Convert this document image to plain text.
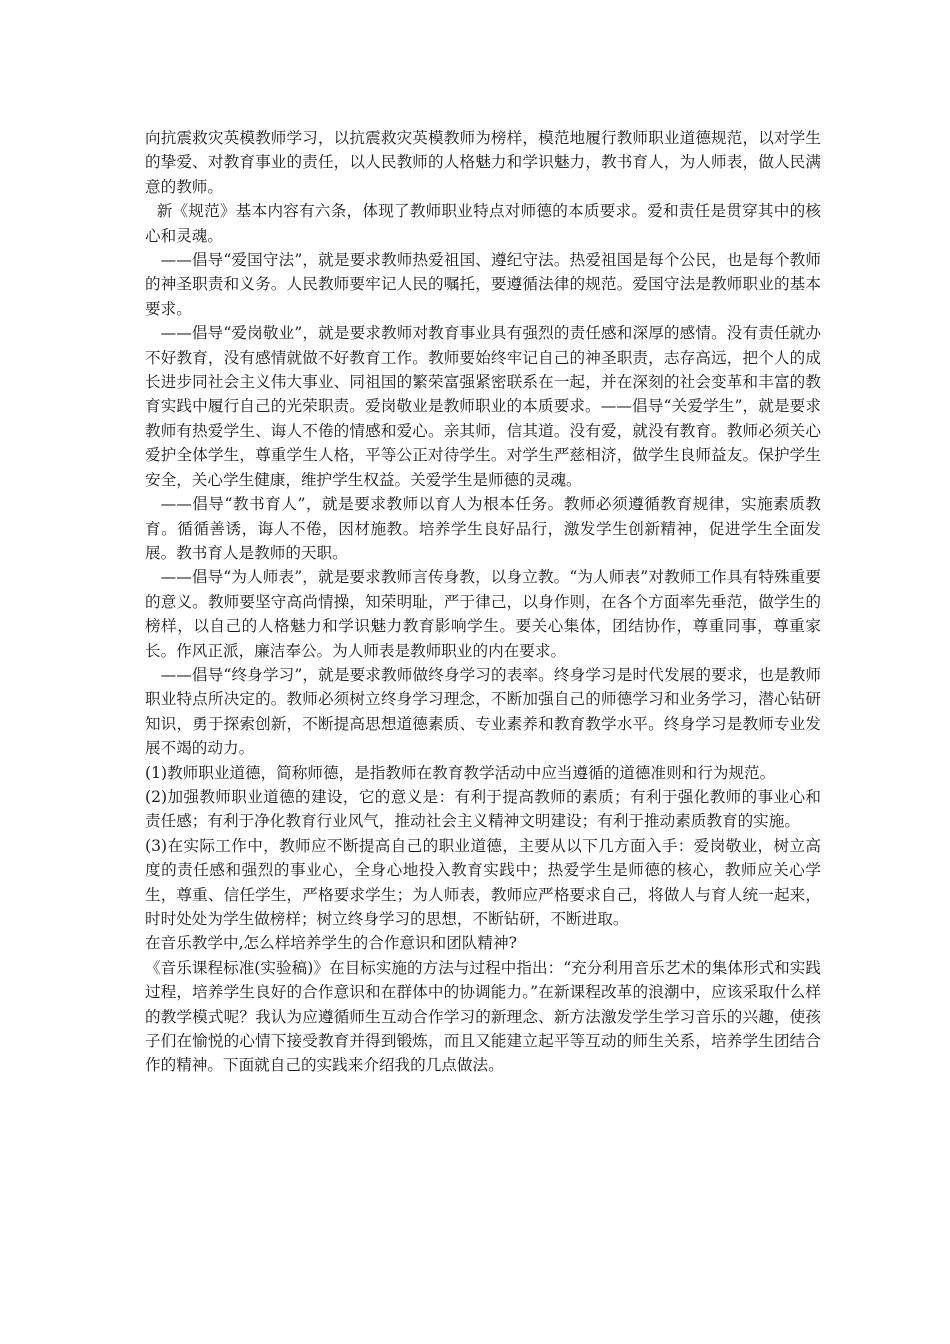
向抗震救灾英模教师学习，以抗震救灾英模教师为榜样，模范地履行教师职业道德规范，以对学生的挚爱、对教育事业的责任，以人民教师的人格魅力和学识魅力，教书育人，为人师表，做人民满意的教师。

新《规范》基本内容有六条，体现了教师职业特点对师德的本质要求。爱和责任是贯穿其中的核心和灵魂。

——倡导“爱国守法”，就是要求教师热爱祖国、遵纪守法。热爱祖国是每个公民，也是每个教师的神圣职责和义务。人民教师要牢记人民的嘱托，要遵循法律的规范。爱国守法是教师职业的基本要求。

——倡导“爱岗敬业”，就是要求教师对教育事业具有强烈的责任感和深厚的感情。没有责任就办不好教育，没有感情就做不好教育工作。教师要始终牢记自己的神圣职责，志存高远，把个人的成长进步同社会主义伟大事业、同祖国的繁荣富强紧密联系在一起，并在深刻的社会变革和丰富的教育实践中履行自己的光荣职责。爱岗敬业是教师职业的本质要求。——倡导“关爱学生”，就是要求教师有热爱学生、诲人不倦的情感和爱心。亲其师，信其道。没有爱，就没有教育。教师必须关心爱护全体学生，尊重学生人格，平等公正对待学生。对学生严慈相济，做学生良师益友。保护学生安全，关心学生健康，维护学生权益。关爱学生是师德的灵魂。

——倡导“教书育人”，就是要求教师以育人为根本任务。教师必须遵循教育规律，实施素质教育。循循善诱，诲人不倦，因材施教。培养学生良好品行，激发学生创新精神，促进学生全面发展。教书育人是教师的天职。

——倡导“为人师表”，就是要求教师言传身教，以身立教。“为人师表”对教师工作具有特殊重要的意义。教师要坚守高尚情操，知荣明耻，严于律己，以身作则，在各个方面率先垂范，做学生的榜样，以自己的人格魅力和学识魅力教育影响学生。要关心集体，团结协作，尊重同事，尊重家长。作风正派，廉洁奉公。为人师表是教师职业的内在要求。

——倡导“终身学习”，就是要求教师做终身学习的表率。终身学习是时代发展的要求，也是教师职业特点所决定的。教师必须树立终身学习理念，不断加强自己的师德学习和业务学习，潜心钻研知识，勇于探索创新，不断提高思想道德素质、专业素养和教育教学水平。终身学习是教师专业发展不竭的动力。

(1)教师职业道德，简称师德，是指教师在教育教学活动中应当遵循的道德准则和行为规范。

(2)加强教师职业道德的建设，它的意义是：有利于提高教师的素质；有利于强化教师的事业心和责任感；有利于净化教育行业风气，推动社会主义精神文明建设；有利于推动素质教育的实施。

(3)在实际工作中，教师应不断提高自己的职业道德，主要从以下几方面入手：爱岗敬业，树立高度的责任感和强烈的事业心，全身心地投入教育实践中；热爱学生是师德的核心，教师应关心学生，尊重、信任学生，严格要求学生；为人师表，教师应严格要求自己，将做人与育人统一起来，时时处处为学生做榜样；树立终身学习的思想，不断钻研，不断进取。

在音乐教学中,怎么样培养学生的合作意识和团队精神?

《音乐课程标准(实验稿)》在目标实施的方法与过程中指出：“充分利用音乐艺术的集体形式和实践过程，培养学生良好的合作意识和在群体中的协调能力。”在新课程改革的浪潮中，应该采取什么样的教学模式呢？我认为应遵循师生互动合作学习的新理念、新方法激发学生学习音乐的兴趣，使孩子们在愉悦的心情下接受教育并得到锻炼，而且又能建立起平等互动的师生关系，培养学生团结合作的精神。下面就自己的实践来介绍我的几点做法。
